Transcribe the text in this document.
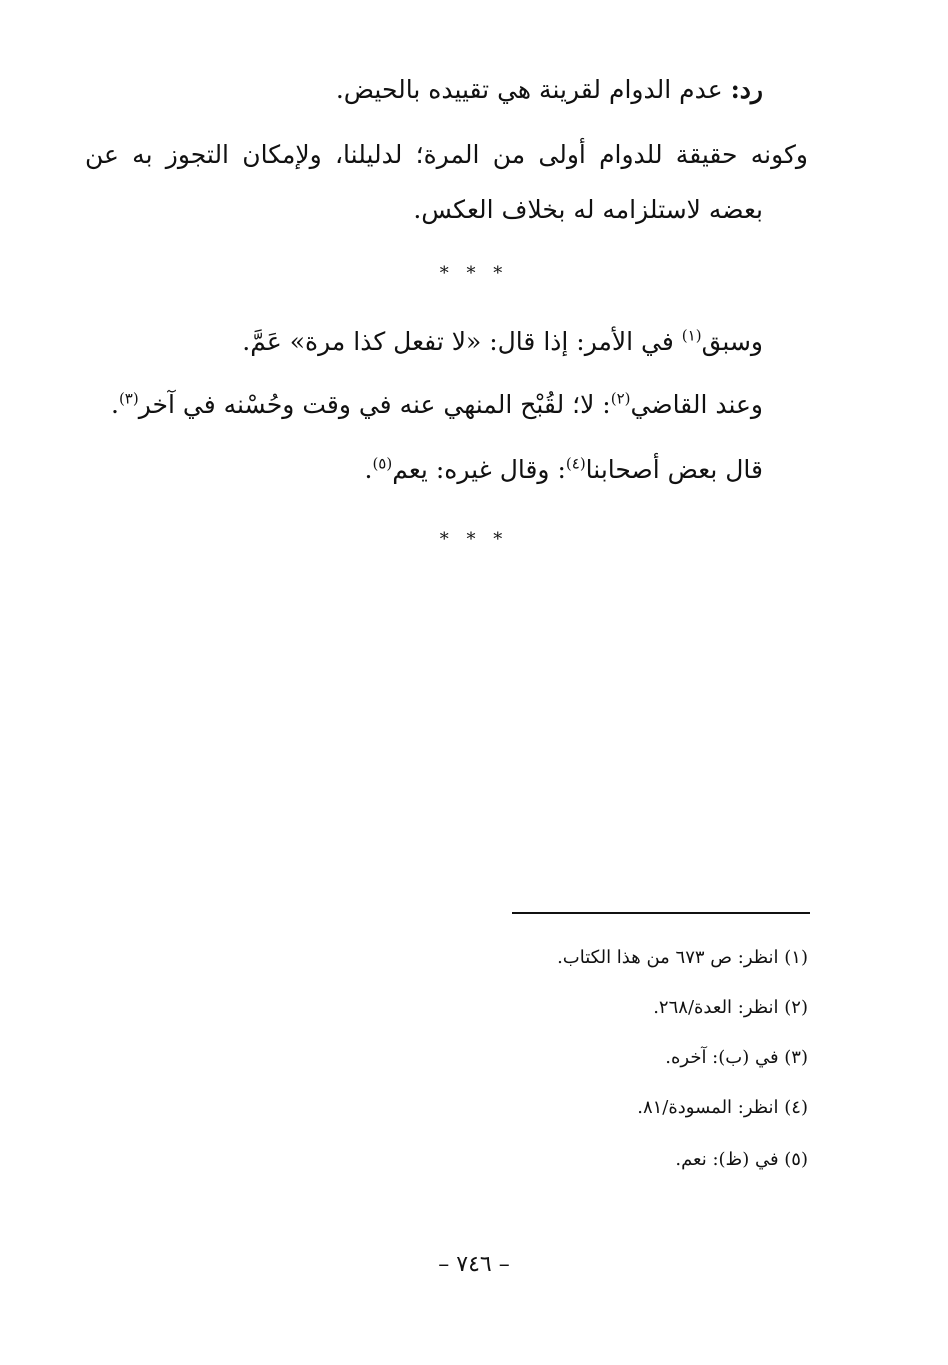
رد: عدم الدوام لقرينة هي تقييده بالحيض.
وكونه حقيقة للدوام أولى من المرة؛ لدليلنا، ولإمكان التجوز به عن
بعضه لاستلزامه له بخلاف العكس.
* * *
وسبق$^{(١)}$ في الأمر: إذا قال: «لا تفعل كذا مرة» عَمَّ.
وعند القاضي$^{(٢)}$: لا؛ لقُبْح المنهي عنه في وقت وحُسْنه في آخر$^{(٣)}$.
قال بعض أصحابنا$^{(٤)}$: وقال غيره: يعم$^{(٥)}$.
* * *
(١) انظر: ص ٦٧٣ من هذا الكتاب.
(٢) انظر: العدة/٢٦٨.
(٣) في (ب): آخره.
(٤) انظر: المسودة/٨١.
(٥) في (ظ): نعم.
– ٧٤٦ –
